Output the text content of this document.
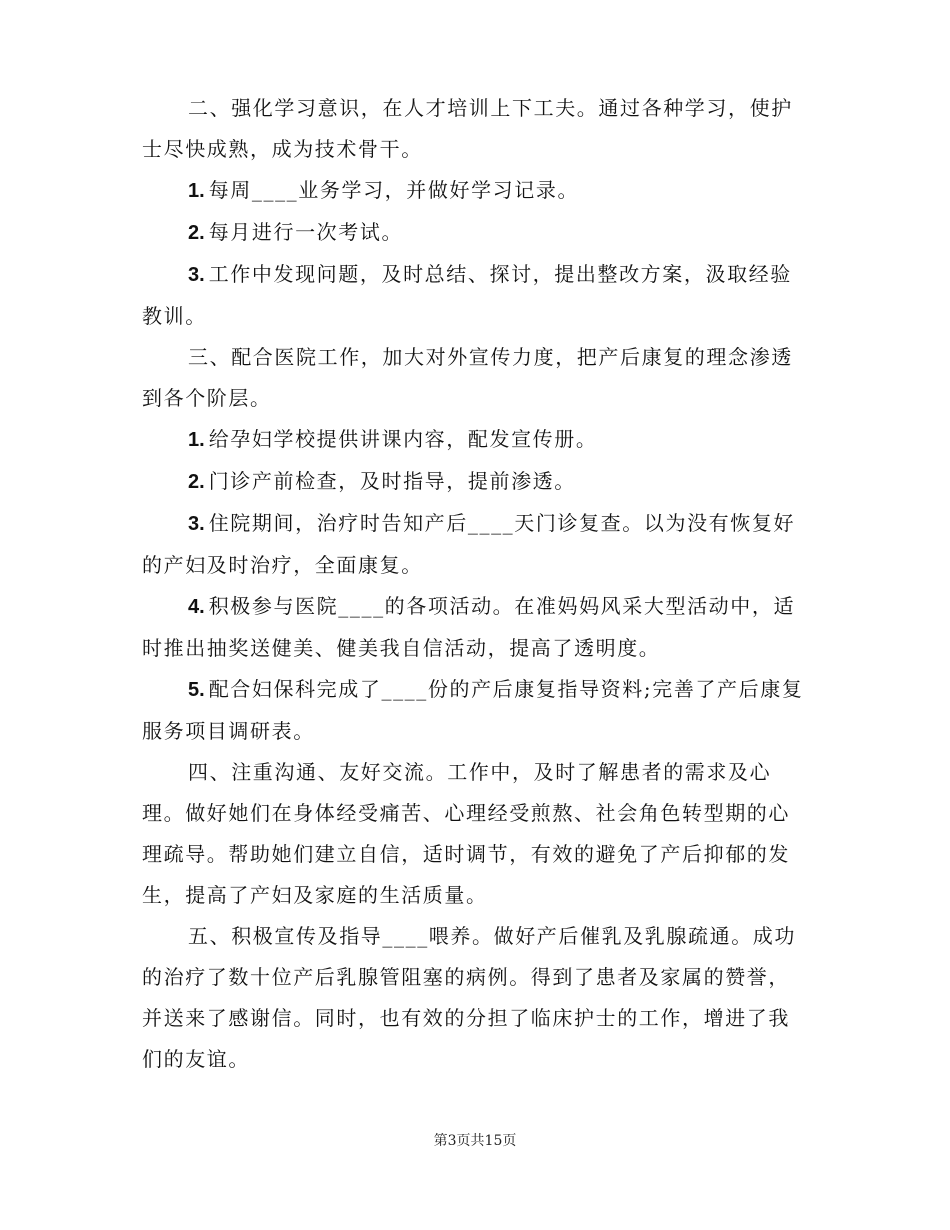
二、强化学习意识，在人才培训上下工夫。通过各种学习，使护士尽快成熟，成为技术骨干。

1. 每周____业务学习，并做好学习记录。

2. 每月进行一次考试。

3. 工作中发现问题，及时总结、探讨，提出整改方案，汲取经验教训。

三、配合医院工作，加大对外宣传力度，把产后康复的理念渗透到各个阶层。

1. 给孕妇学校提供讲课内容，配发宣传册。

2. 门诊产前检查，及时指导，提前渗透。

3. 住院期间，治疗时告知产后____天门诊复查。以为没有恢复好的产妇及时治疗，全面康复。

4. 积极参与医院____的各项活动。在准妈妈风采大型活动中，适时推出抽奖送健美、健美我自信活动，提高了透明度。

5. 配合妇保科完成了____份的产后康复指导资料;完善了产后康复服务项目调研表。

四、注重沟通、友好交流。工作中，及时了解患者的需求及心理。做好她们在身体经受痛苦、心理经受煎熬、社会角色转型期的心理疏导。帮助她们建立自信，适时调节，有效的避免了产后抑郁的发生，提高了产妇及家庭的生活质量。

五、积极宣传及指导____喂养。做好产后催乳及乳腺疏通。成功的治疗了数十位产后乳腺管阻塞的病例。得到了患者及家属的赞誉，并送来了感谢信。同时，也有效的分担了临床护士的工作，增进了我们的友谊。

第3页共15页
